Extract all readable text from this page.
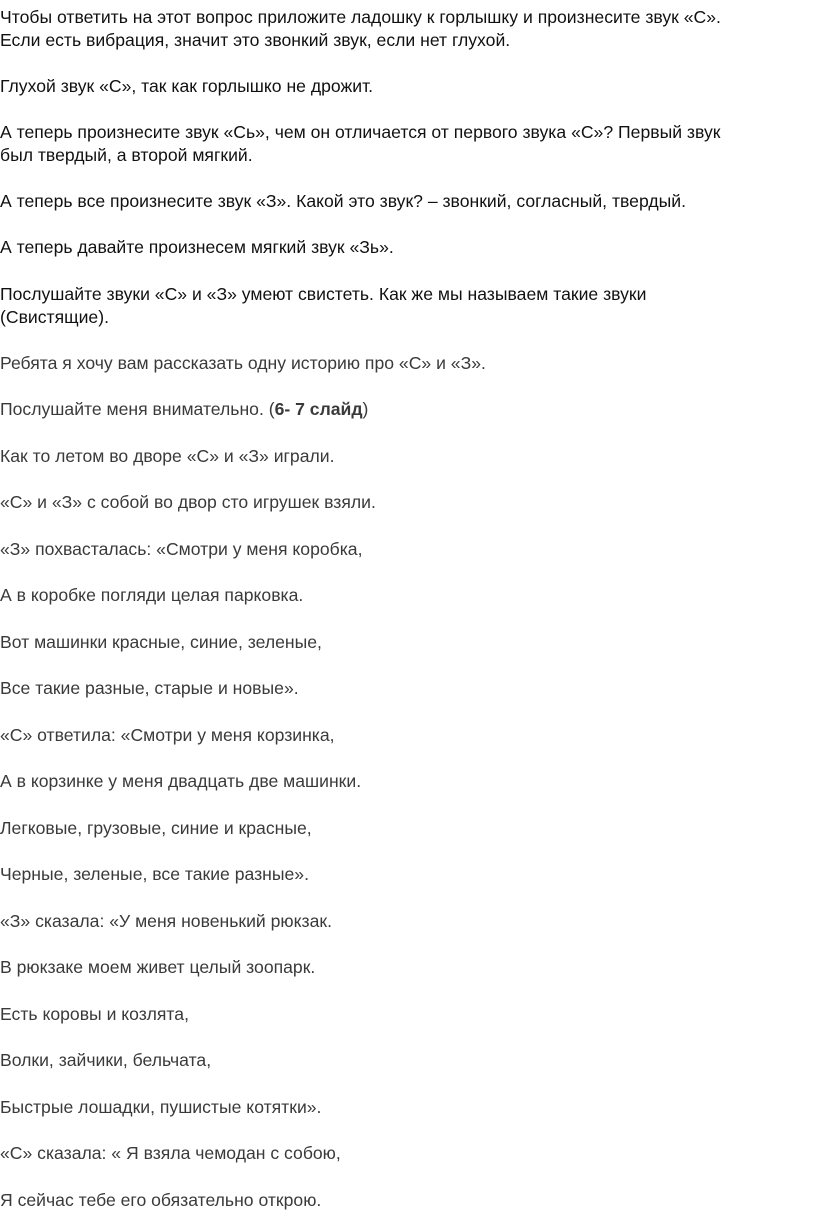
Чтобы ответить на этот вопрос приложите ладошку к горлышку и произнесите звук «С».
Если есть вибрация, значит это звонкий звук, если нет глухой.

Глухой звук «С», так как горлышко не дрожит.

А теперь произнесите звук «Сь», чем он отличается от первого звука «С»? Первый звук
был твердый, а второй мягкий.

А теперь все произнесите звук «З». Какой это звук? – звонкий, согласный, твердый.

А теперь давайте произнесем мягкий звук «Зь».

Послушайте звуки «С» и «З» умеют свистеть. Как же мы называем такие звуки
(Свистящие).

Ребята я хочу вам рассказать одну историю про «С» и «З».

Послушайте меня внимательно. (6- 7 слайд)

Как то летом во дворе «С» и «З» играли.

«С» и «З» с собой во двор сто игрушек взяли.

«З» похвасталась: «Смотри у меня коробка,

А в коробке погляди целая парковка.

Вот машинки красные, синие, зеленые,

Все такие разные, старые и новые».

«С» ответила: «Смотри у меня корзинка,

А в корзинке у меня двадцать две машинки.

Легковые, грузовые, синие и красные,

Черные, зеленые, все такие разные».

«З» сказала: «У меня новенький рюкзак.

В рюкзаке моем живет целый зоопарк.

Есть коровы и козлята,

Волки, зайчики, бельчата,

Быстрые лошадки, пушистые котятки».

«С» сказала: « Я взяла чемодан с собою,

Я сейчас тебе его обязательно открою.
